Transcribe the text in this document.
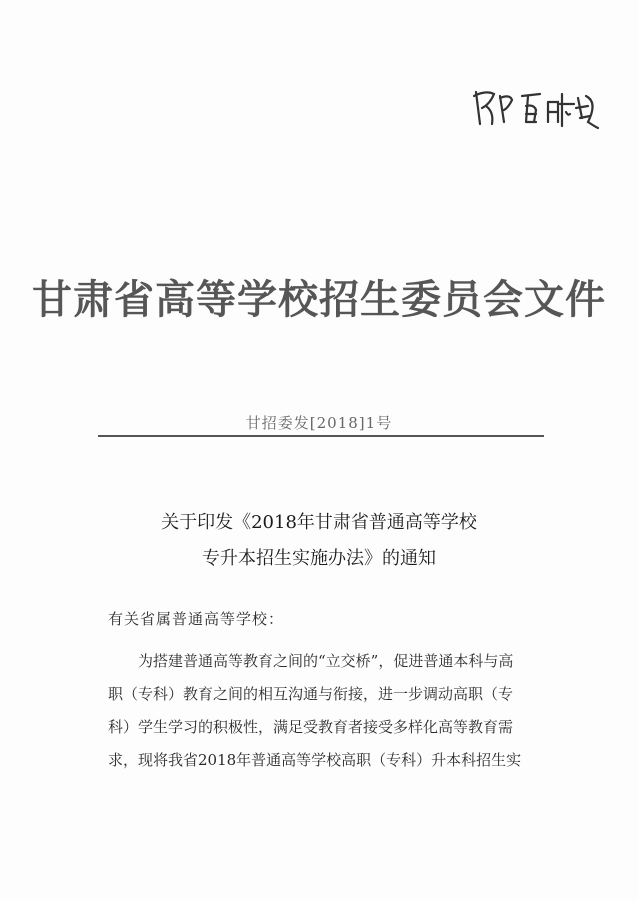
甘肃省高等学校招生委员会文件
甘招委发[2018]1号
关于印发《2018年甘肃省普通高等学校
专升本招生实施办法》的通知
有关省属普通高等学校：
为搭建普通高等教育之间的“立交桥”，促进普通本科与高
职（专科）教育之间的相互沟通与衔接，进一步调动高职（专
科）学生学习的积极性，满足受教育者接受多样化高等教育需
求，现将我省2018年普通高等学校高职（专科）升本科招生实
